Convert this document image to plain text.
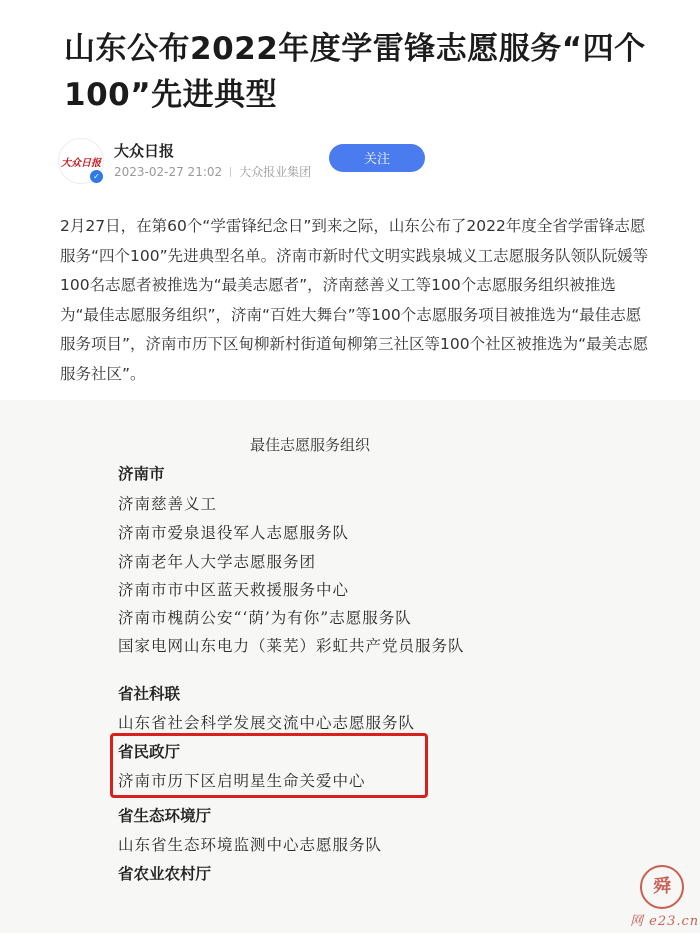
山东公布2022年度学雷锋志愿服务“四个100”先进典型
大众日报
✓
大众日报
2023-02-27 21:02 大众报业集团
关注
2月27日，在第60个“学雷锋纪念日”到来之际，山东公布了2022年度全省学雷锋志愿服务“四个100”先进典型名单。济南市新时代文明实践泉城义工志愿服务队领队阮媛等100名志愿者被推选为“最美志愿者”，济南慈善义工等100个志愿服务组织被推选为“最佳志愿服务组织”，济南“百姓大舞台”等100个志愿服务项目被推选为“最佳志愿服务项目”，济南市历下区甸柳新村街道甸柳第三社区等100个社区被推选为“最美志愿服务社区”。
最佳志愿服务组织
济南市
济南慈善义工
济南市爱泉退役军人志愿服务队
济南老年人大学志愿服务团
济南市市中区蓝天救援服务中心
济南市槐荫公安“‘荫’为有你”志愿服务队
国家电网山东电力（莱芜）彩虹共产党员服务队
省社科联
山东省社会科学发展交流中心志愿服务队
省民政厅
济南市历下区启明星生命关爱中心
省生态环境厅
山东省生态环境监测中心志愿服务队
省农业农村厅
舜
网 e23.cn
